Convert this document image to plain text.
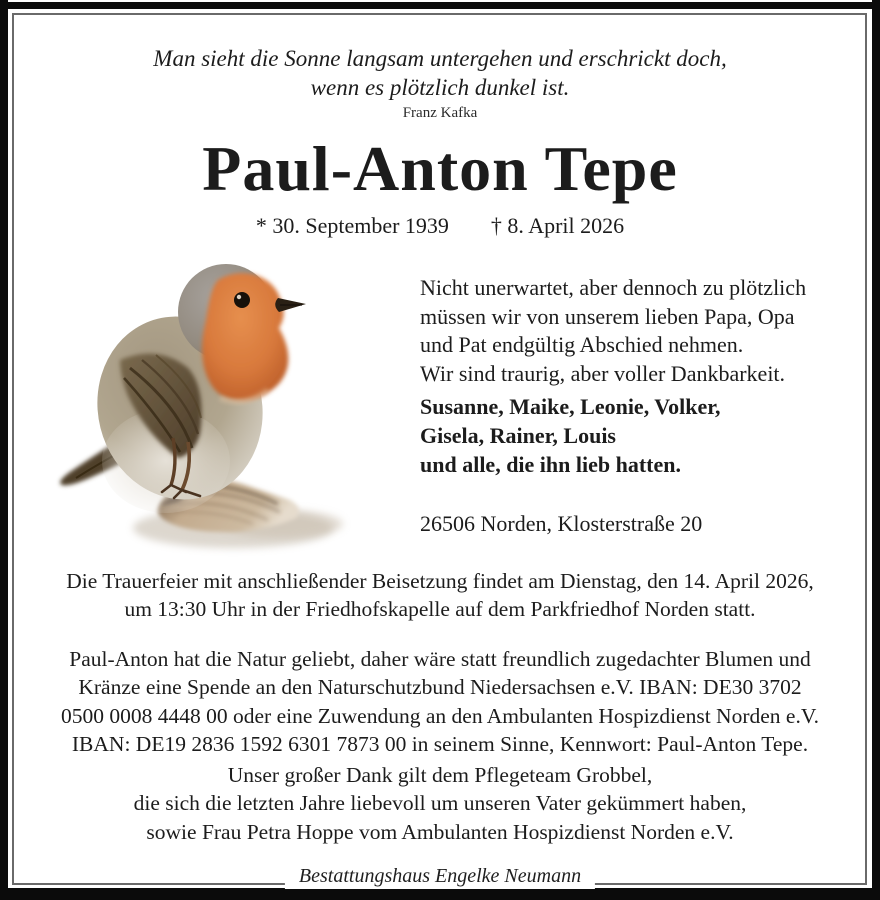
Man sieht die Sonne langsam untergehen und erschrickt doch,
wenn es plötzlich dunkel ist.
Franz Kafka
Paul-Anton Tepe
* 30. September 1939 † 8. April 2026
Nicht unerwartet, aber dennoch zu plötzlich
müssen wir von unserem lieben Papa, Opa
und Pat endgültig Abschied nehmen.
Wir sind traurig, aber voller Dankbarkeit.
Susanne, Maike, Leonie, Volker,
Gisela, Rainer, Louis
und alle, die ihn lieb hatten.
26506 Norden, Klosterstraße 20
Die Trauerfeier mit anschließender Beisetzung findet am Dienstag, den 14. April 2026,
um 13:30 Uhr in der Friedhofskapelle auf dem Parkfriedhof Norden statt.
Paul-Anton hat die Natur geliebt, daher wäre statt freundlich zugedachter Blumen und
Kränze eine Spende an den Naturschutzbund Niedersachsen e.V. IBAN: DE30 3702
0500 0008 4448 00 oder eine Zuwendung an den Ambulanten Hospizdienst Norden e.V.
IBAN: DE19 2836 1592 6301 7873 00 in seinem Sinne, Kennwort: Paul-Anton Tepe.
Unser großer Dank gilt dem Pflegeteam Grobbel,
die sich die letzten Jahre liebevoll um unseren Vater gekümmert haben,
sowie Frau Petra Hoppe vom Ambulanten Hospizdienst Norden e.V.
Bestattungshaus Engelke Neumann
